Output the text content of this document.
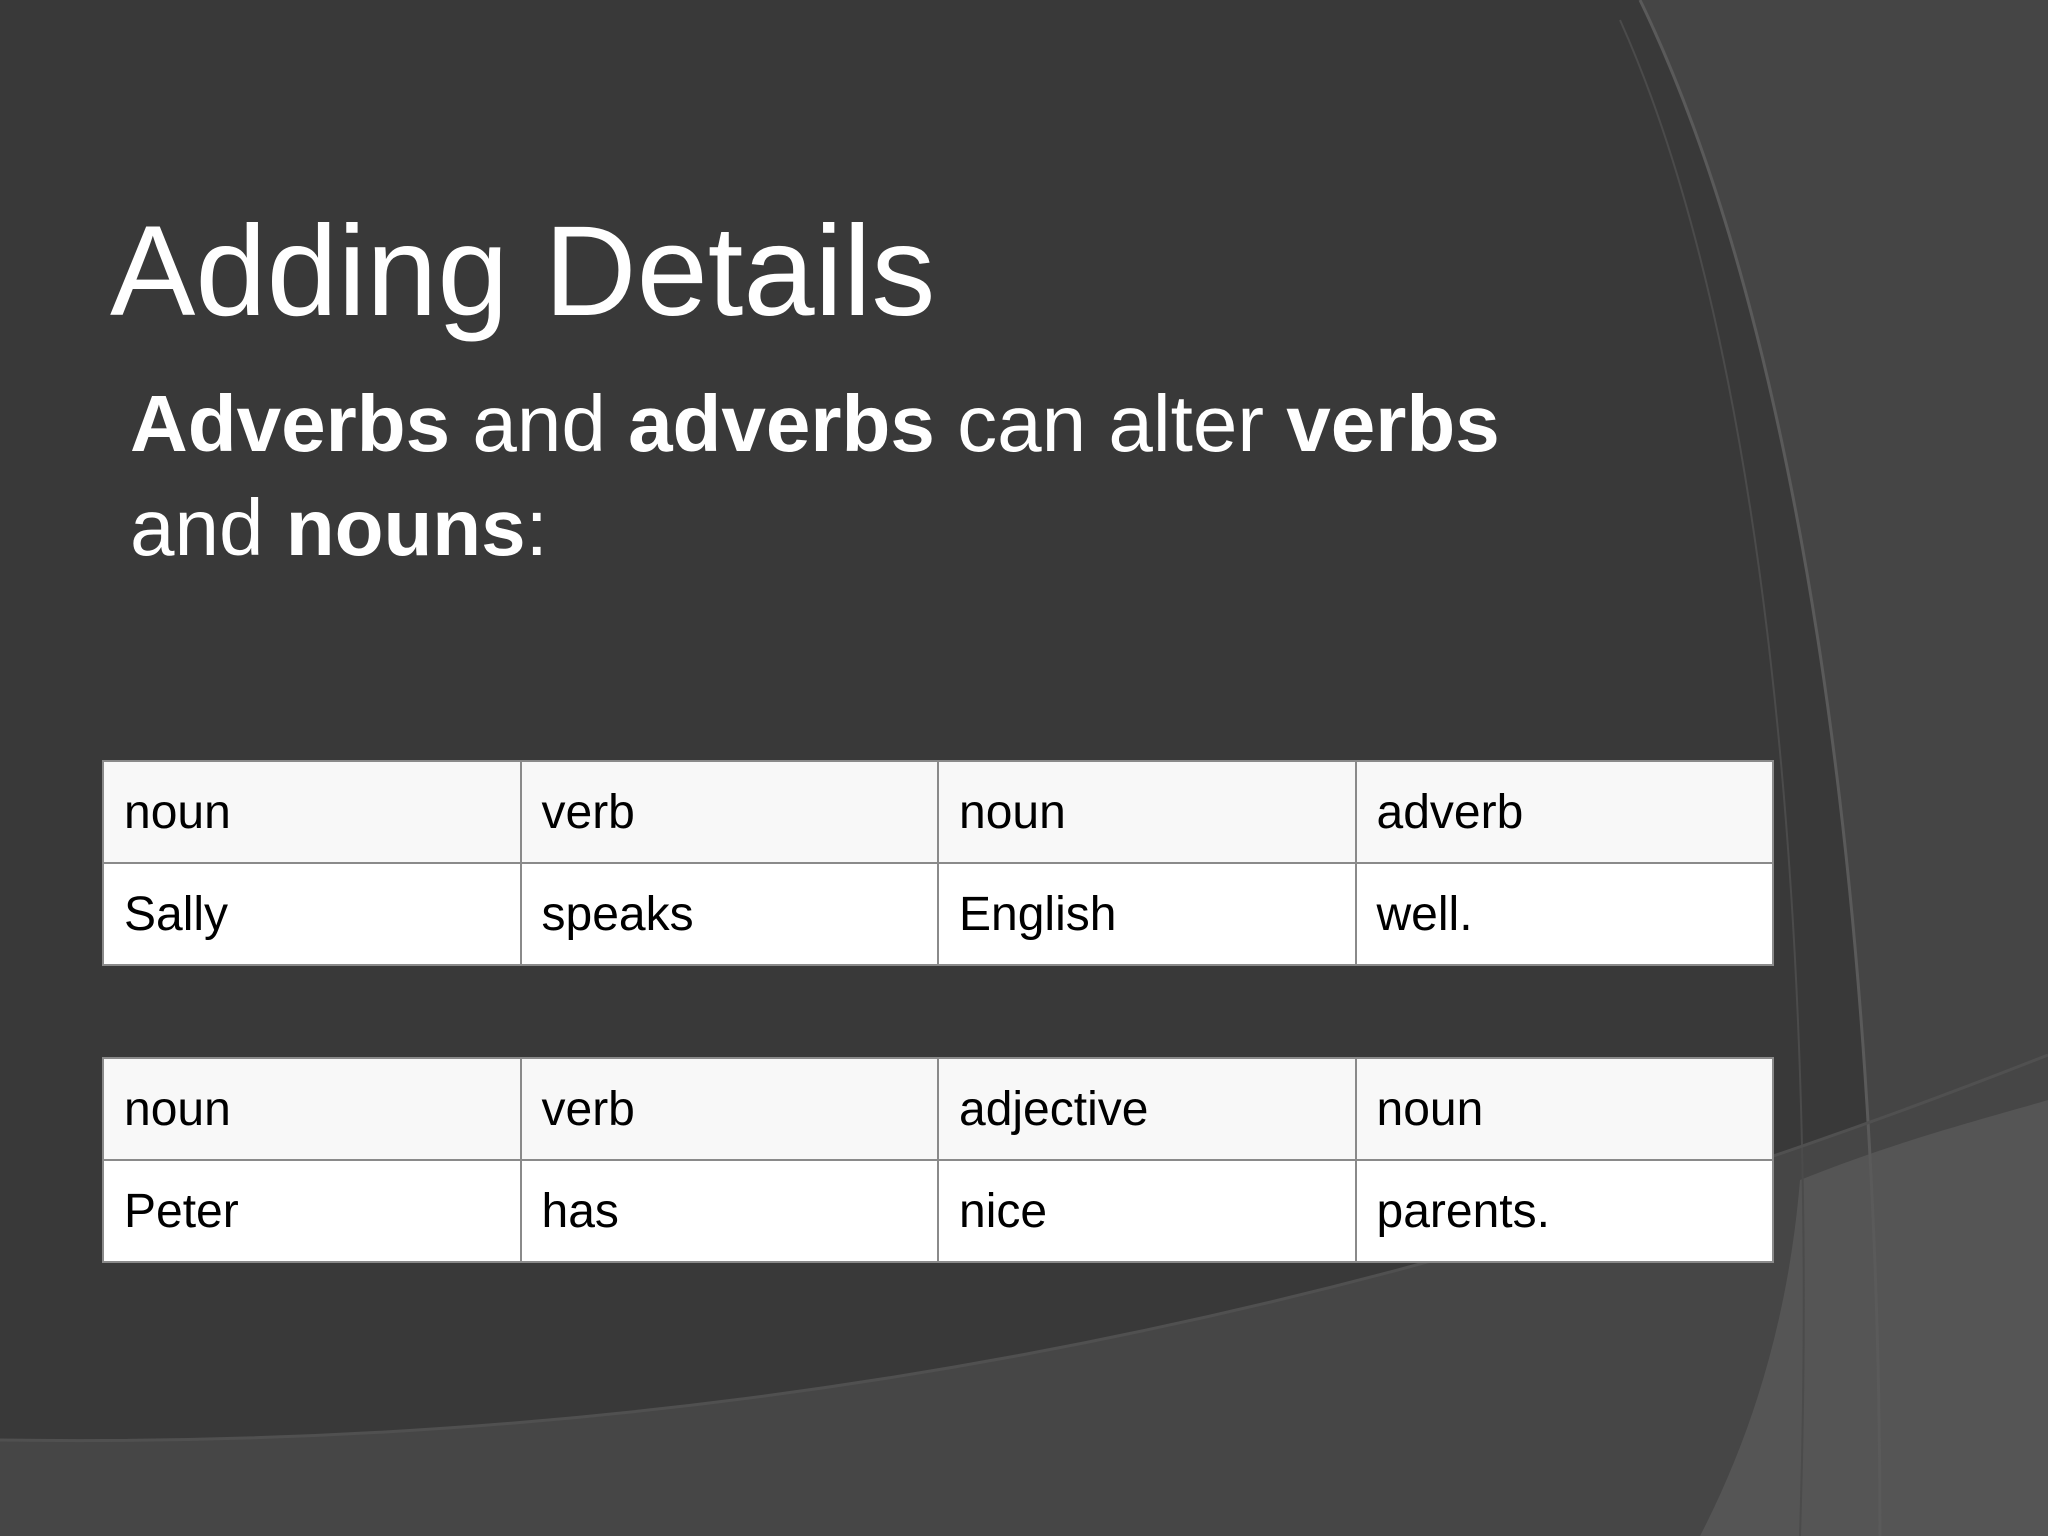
Adding Details
Adverbs and adverbs can alter verbs
and nouns:
noun	verb	noun	adverb
Sally	speaks	English	well.
noun	verb	adjective	noun
Peter	has	nice	parents.
